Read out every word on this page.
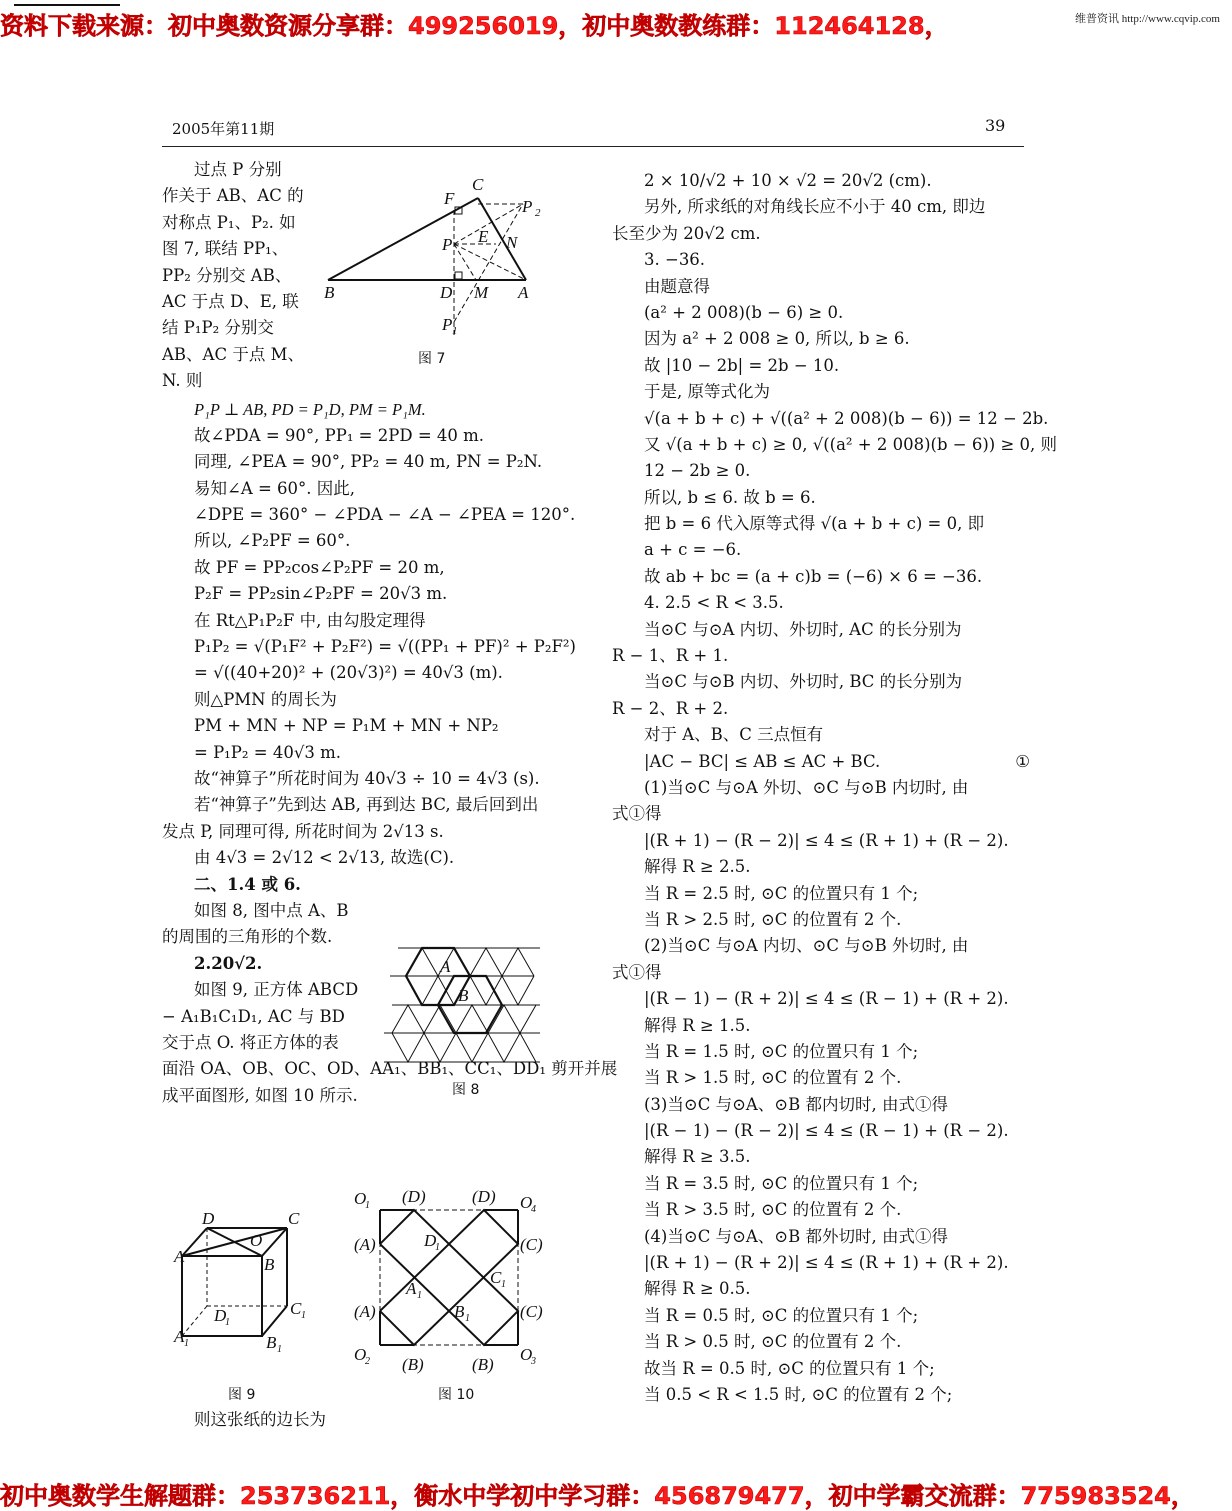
资料下载来源：初中奥数资源分享群：499256019，初中奥数教练群：112464128，	维普资讯 http://www.cqvip.com
2005年第11期	39
过点 P 分别
作关于 AB、AC 的
对称点 P₁、P₂. 如
图 7, 联结 PP₁、
PP₂ 分别交 AB、
AC 于点 D、E, 联
结 P₁P₂ 分别交
AB、AC 于点 M、
N. 则
P₁P ⊥ AB, PD = P₁D, PM = P₁M.
故∠PDA = 90°, PP₁ = 2PD = 40 m.
同理, ∠PEA = 90°, PP₂ = 40 m, PN = P₂N.
易知∠A = 60°. 因此,
∠DPE = 360° − ∠PDA − ∠A − ∠PEA = 120°.
所以, ∠P₂PF = 60°.
故 PF = PP₂cos∠P₂PF = 20 m,
P₂F = PP₂sin∠P₂PF = 20√3 m.
在 Rt△P₁P₂F 中, 由勾股定理得
P₁P₂ = √(P₁F² + P₂F²) = √((PP₁ + PF)² + P₂F²)
= √((40+20)² + (20√3)²) = 40√3 (m).
则△PMN 的周长为
PM + MN + NP = P₁M + MN + NP₂
= P₁P₂ = 40√3 m.
故“神算子”所花时间为 40√3 ÷ 10 = 4√3 (s).
若“神算子”先到达 AB, 再到达 BC, 最后回到出
发点 P, 同理可得, 所花时间为 2√13 s.
由 4√3 = 2√12 < 2√13, 故选(C).
二、1.4 或 6.
如图 8, 图中点 A、B
的周围的三角形的个数.
2.20√2.
如图 9, 正方体 ABCD
− A₁B₁C₁D₁, AC 与 BD
交于点 O. 将正方体的表
面沿 OA、OB、OC、OD、AA₁、BB₁、CC₁、DD₁ 剪开并展
成平面图形, 如图 10 所示.
C
F	P 2
E
P	N
B	D M A
P 1
图 7
A
B
图 8
D	C
A
O
B
C 1
D
1
A 1	B 1
图 9
O
1 (D)	(D) O
4
(A)	D
1	(C)
C 1
A 1
(A)	B 1	(C)
O
2 (B)	(B)
O
3
图 10
则这张纸的边长为
2 × 10/√2 + 10 × √2 = 20√2 (cm).
另外, 所求纸的对角线长应不小于 40 cm, 即边
长至少为 20√2 cm.
3. −36.
由题意得
(a² + 2 008)(b − 6) ≥ 0.
因为 a² + 2 008 ≥ 0, 所以, b ≥ 6.
故 |10 − 2b| = 2b − 10.
于是, 原等式化为
√(a + b + c) + √((a² + 2 008)(b − 6)) = 12 − 2b.
又 √(a + b + c) ≥ 0, √((a² + 2 008)(b − 6)) ≥ 0, 则
12 − 2b ≥ 0.
所以, b ≤ 6. 故 b = 6.
把 b = 6 代入原等式得 √(a + b + c) = 0, 即
a + c = −6.
故 ab + bc = (a + c)b = (−6) × 6 = −36.
4. 2.5 < R < 3.5.
当⊙C 与⊙A 内切、外切时, AC 的长分别为
R − 1、R + 1.
当⊙C 与⊙B 内切、外切时, BC 的长分别为
R − 2、R + 2.
对于 A、B、C 三点恒有
|AC − BC| ≤ AB ≤ AC + BC.	①
(1)当⊙C 与⊙A 外切、⊙C 与⊙B 内切时, 由
式①得
|(R + 1) − (R − 2)| ≤ 4 ≤ (R + 1) + (R − 2).
解得 R ≥ 2.5.
当 R = 2.5 时, ⊙C 的位置只有 1 个;
当 R > 2.5 时, ⊙C 的位置有 2 个.
(2)当⊙C 与⊙A 内切、⊙C 与⊙B 外切时, 由
式①得
|(R − 1) − (R + 2)| ≤ 4 ≤ (R − 1) + (R + 2).
解得 R ≥ 1.5.
当 R = 1.5 时, ⊙C 的位置只有 1 个;
当 R > 1.5 时, ⊙C 的位置有 2 个.
(3)当⊙C 与⊙A、⊙B 都内切时, 由式①得
|(R − 1) − (R − 2)| ≤ 4 ≤ (R − 1) + (R − 2).
解得 R ≥ 3.5.
当 R = 3.5 时, ⊙C 的位置只有 1 个;
当 R > 3.5 时, ⊙C 的位置有 2 个.
(4)当⊙C 与⊙A、⊙B 都外切时, 由式①得
|(R + 1) − (R + 2)| ≤ 4 ≤ (R + 1) + (R + 2).
解得 R ≥ 0.5.
当 R = 0.5 时, ⊙C 的位置只有 1 个;
当 R > 0.5 时, ⊙C 的位置有 2 个.
故当 R = 0.5 时, ⊙C 的位置只有 1 个;
当 0.5 < R < 1.5 时, ⊙C 的位置有 2 个;
初中奥数学生解题群：253736211，衡水中学初中学习群：456879477，初中学霸交流群：775983524，
